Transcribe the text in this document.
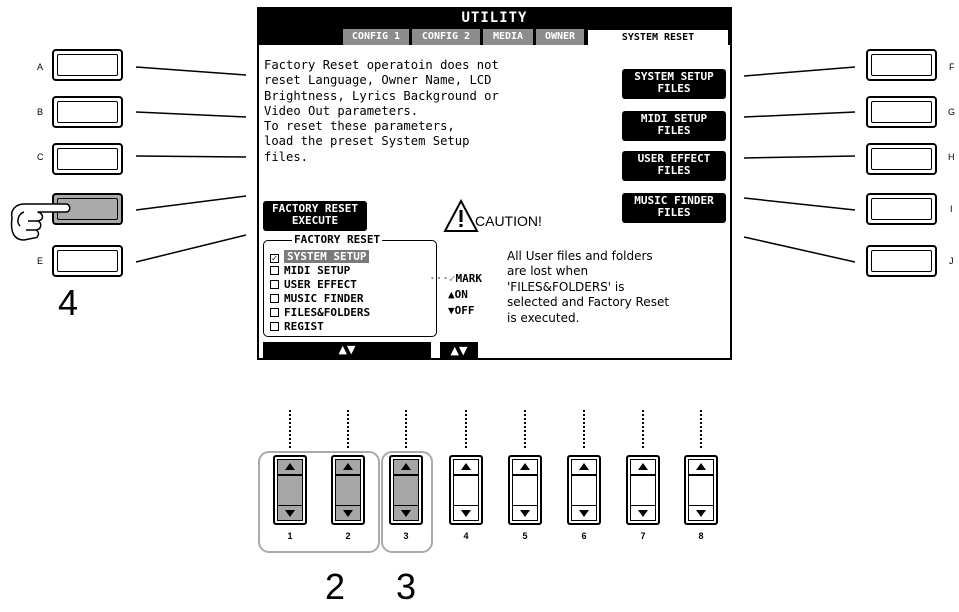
A
B
C
E
F
G
H
I
J
4
UTILITY
CONFIG 1	CONFIG 2	MEDIA	OWNER	SYSTEM RESET
Factory Reset operatoin does not
reset Language, Owner Name, LCD
Brightness, Lyrics Background or
Video Out parameters.
To reset these parameters,
load the preset System Setup
files.
SYSTEM SETUP
FILES
MIDI SETUP
FILES
USER EFFECT
FILES
MUSIC FINDER
FILES
FACTORY RESET
EXECUTE	CAUTION!
All User files and folders
are lost when
'FILES&FOLDERS' is
selected and Factory Reset
is executed.
FACTORY RESET
✓ SYSTEM SETUP
MIDI SETUP
USER EFFECT
MUSIC FINDER
FILES&FOLDERS
REGIST
···✓MARK
▲ON
▼OFF
▲▼	▲▼
1	2	3	4	5	6	7	8
2 3
